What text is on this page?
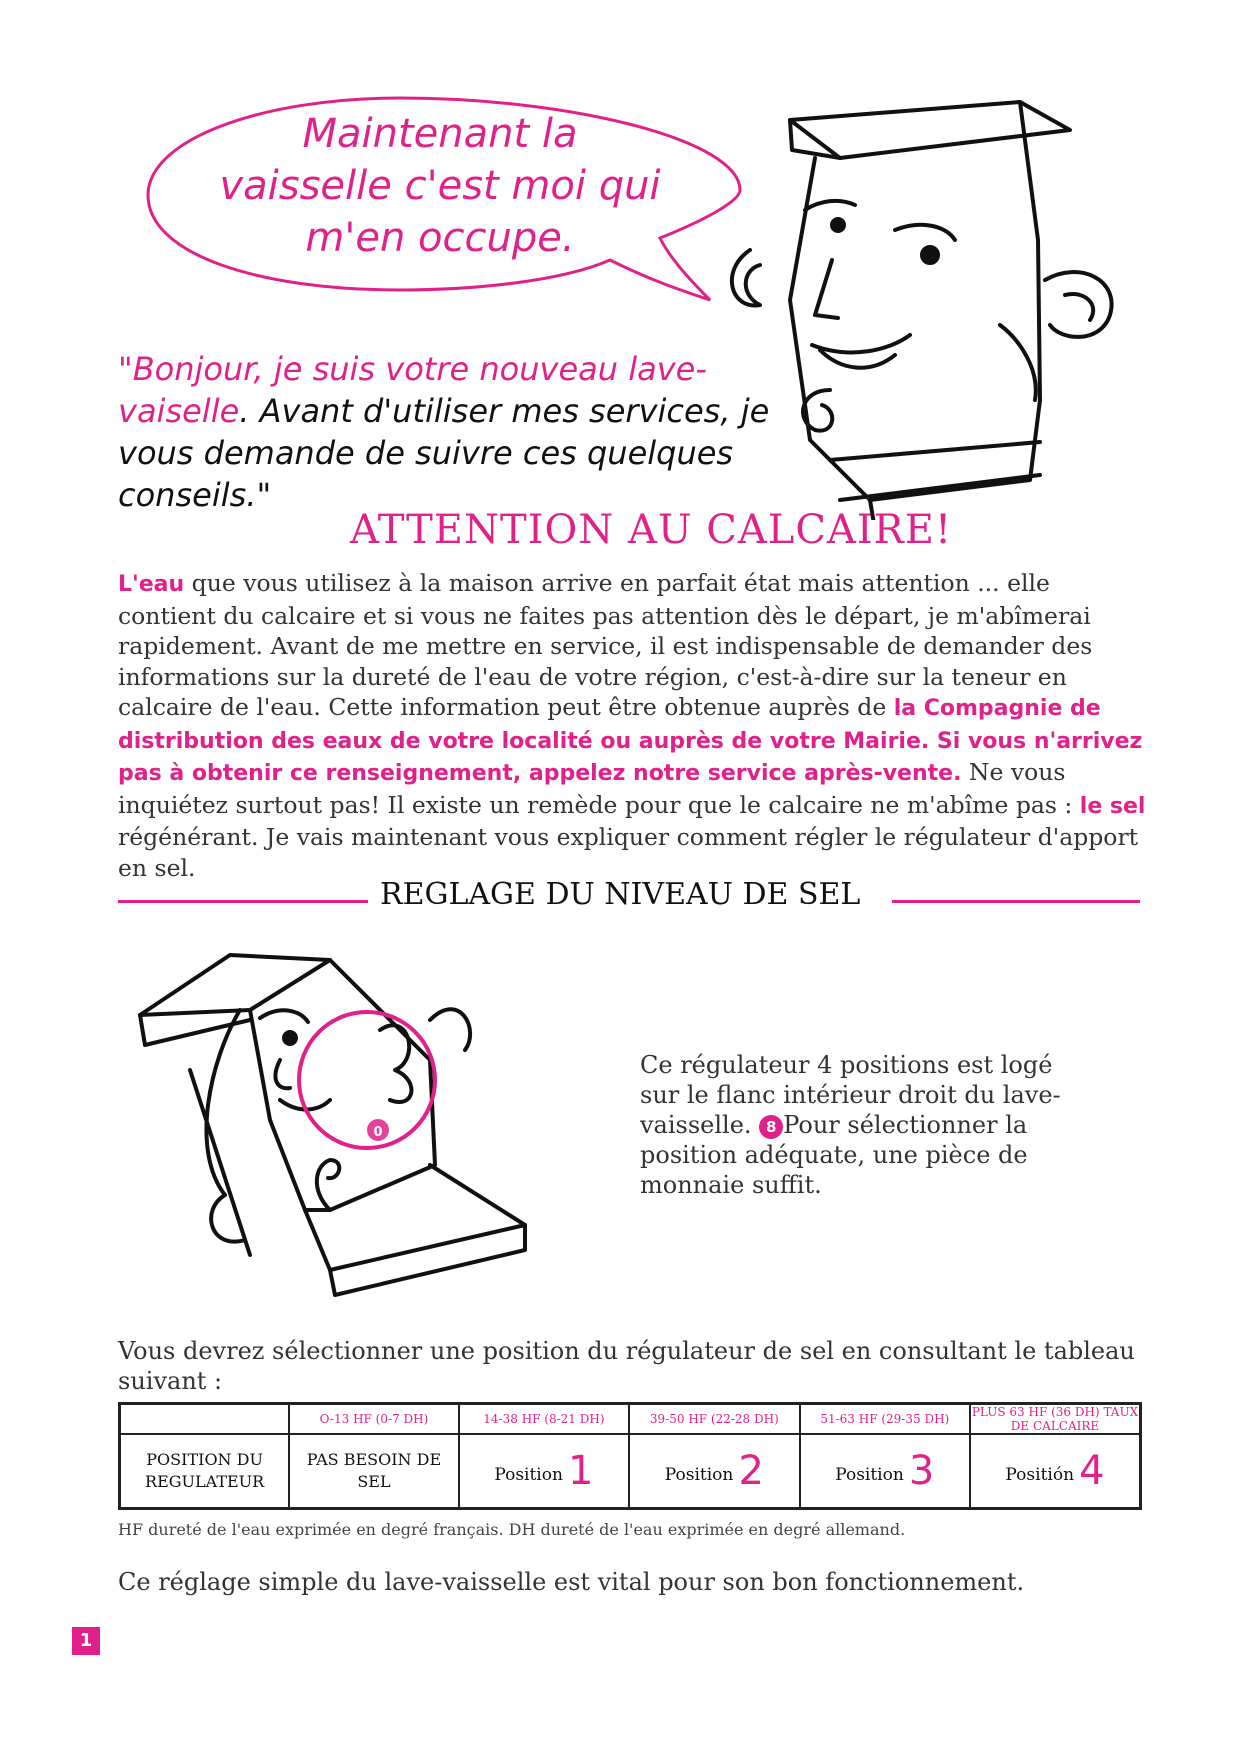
Maintenant la
vaisselle c'est moi qui
m'en occupe.
"Bonjour, je suis votre nouveau lave-
vaiselle. Avant d'utiliser mes services, je
vous demande de suivre ces quelques
conseils."
ATTENTION AU CALCAIRE!
L'eau que vous utilisez à la maison arrive en parfait état mais attention ... elle contient du calcaire et si vous ne faites pas attention dès le départ, je m'abîmerai rapidement. Avant de me mettre en service, il est indispensable de demander des informations sur la dureté de l'eau de votre région, c'est-à-dire sur la teneur en calcaire de l'eau. Cette information peut être obtenue auprès de la Compagnie de distribution des eaux de votre localité ou auprès de votre Mairie. Si vous n'arrivez pas à obtenir ce renseignement, appelez notre service après-vente. Ne vous inquiétez surtout pas! Il existe un remède pour que le calcaire ne m'abîme pas : le sel régénérant. Je vais maintenant vous expliquer comment régler le régulateur d'apport en sel.
REGLAGE DU NIVEAU DE SEL
0
Ce régulateur 4 positions est logé sur le flanc intérieur droit du lave-vaisselle. 8 Pour sélectionner la position adéquate, une pièce de monnaie suffit.
Vous devrez sélectionner une position du régulateur de sel en consultant le tableau suivant :
	O-13 HF (0-7 DH)	14-38 HF (8-21 DH)	39-50 HF (22-28 DH)	51-63 HF (29-35 DH)	PLUS 63 HF (36 DH) TAUX DE CALCAIRE
POSITION DU REGULATEUR	PAS BESOIN DE SEL	Position 1	Position 2	Position 3	Positión 4
HF dureté de l'eau exprimée en degré français. DH dureté de l'eau exprimée en degré allemand.
Ce réglage simple du lave-vaisselle est vital pour son bon fonctionnement.
1
